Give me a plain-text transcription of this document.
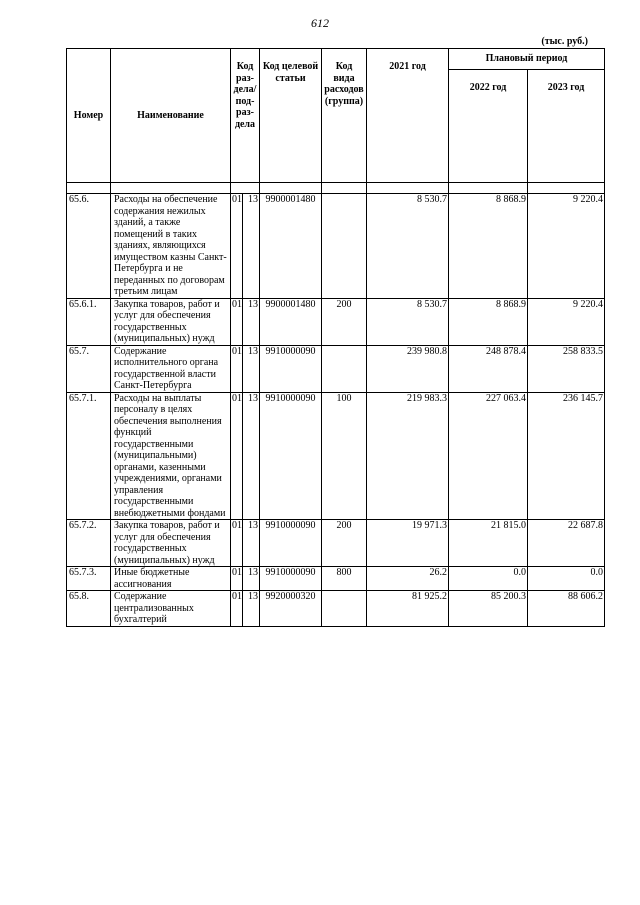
612
(тыс. руб.)
Номер	Наименование	Код раз- дела/ под- раз- дела		Код целевой статьи	Код вида расходов (группа)	2021 год	Плановый период	
							2022 год	2023 год

65.6.	Расходы на обеспечение содержания нежилых зданий, а также помещений в таких зданиях, являющихся имуществом казны Санкт-Петербурга и не переданных по договорам третьим лицам	01	13	9900001480		8 530.7	8 868.9	9 220.4
65.6.1.	Закупка товаров, работ и услуг для обеспечения государственных (муниципальных) нужд	01	13	9900001480	200	8 530.7	8 868.9	9 220.4
65.7.	Содержание исполнительного органа государственной власти Санкт-Петербурга	01	13	9910000090		239 980.8	248 878.4	258 833.5
65.7.1.	Расходы на выплаты персоналу в целях обеспечения выполнения функций государственными (муниципальными) органами, казенными учреждениями, органами управления государственными внебюджетными фондами	01	13	9910000090	100	219 983.3	227 063.4	236 145.7
65.7.2.	Закупка товаров, работ и услуг для обеспечения государственных (муниципальных) нужд	01	13	9910000090	200	19 971.3	21 815.0	22 687.8
65.7.3.	Иные бюджетные ассигнования	01	13	9910000090	800	26.2	0.0	0.0
65.8.	Содержание централизованных бухгалтерий	01	13	9920000320		81 925.2	85 200.3	88 606.2
